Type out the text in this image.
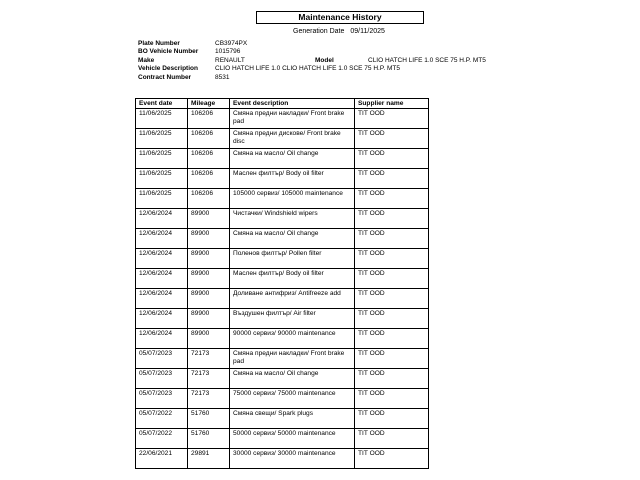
Maintenance History
Generation Date 09/11/2025
Plate Number	CB3974PX
BO Vehicle Number	1015796
Make	RENAULT	Model	CLIO HATCH LIFE 1.0 SCE 75 H.P. MT5
Vehicle Description	CLIO HATCH LIFE 1.0 CLIO HATCH LIFE 1.0 SCE 75 H.P. MT5
Contract Number	8531
Event date	Mileage	Event description	Supplier name
11/06/2025	106206	Смяна предни накладки/ Front brake pad	TIT OOD
11/06/2025	106206	Смяна предни дискове/ Front brake disc	TIT OOD
11/06/2025	106206	Смяна на масло/ Oil change	TIT OOD
11/06/2025	106206	Маслен филтър/ Body oil filter	TIT OOD
11/06/2025	106206	105000 сервиз/ 105000 maintenance	TIT OOD
12/06/2024	89900	Чистачки/ Windshield wipers	TIT OOD
12/06/2024	89900	Смяна на масло/ Oil change	TIT OOD
12/06/2024	89900	Поленов филтър/ Pollen filter	TIT OOD
12/06/2024	89900	Маслен филтър/ Body oil filter	TIT OOD
12/06/2024	89900	Доливане антифриз/ Antifreeze add	TIT OOD
12/06/2024	89900	Въздушен филтър/ Air filter	TIT OOD
12/06/2024	89900	90000 сервиз/ 90000 maintenance	TIT OOD
05/07/2023	72173	Смяна предни накладки/ Front brake pad	TIT OOD
05/07/2023	72173	Смяна на масло/ Oil change	TIT OOD
05/07/2023	72173	75000 сервиз/ 75000 maintenance	TIT OOD
05/07/2022	51760	Смяна свещи/ Spark plugs	TIT OOD
05/07/2022	51760	50000 сервиз/ 50000 maintenance	TIT OOD
22/06/2021	29891	30000 сервиз/ 30000 maintenance	TIT OOD
